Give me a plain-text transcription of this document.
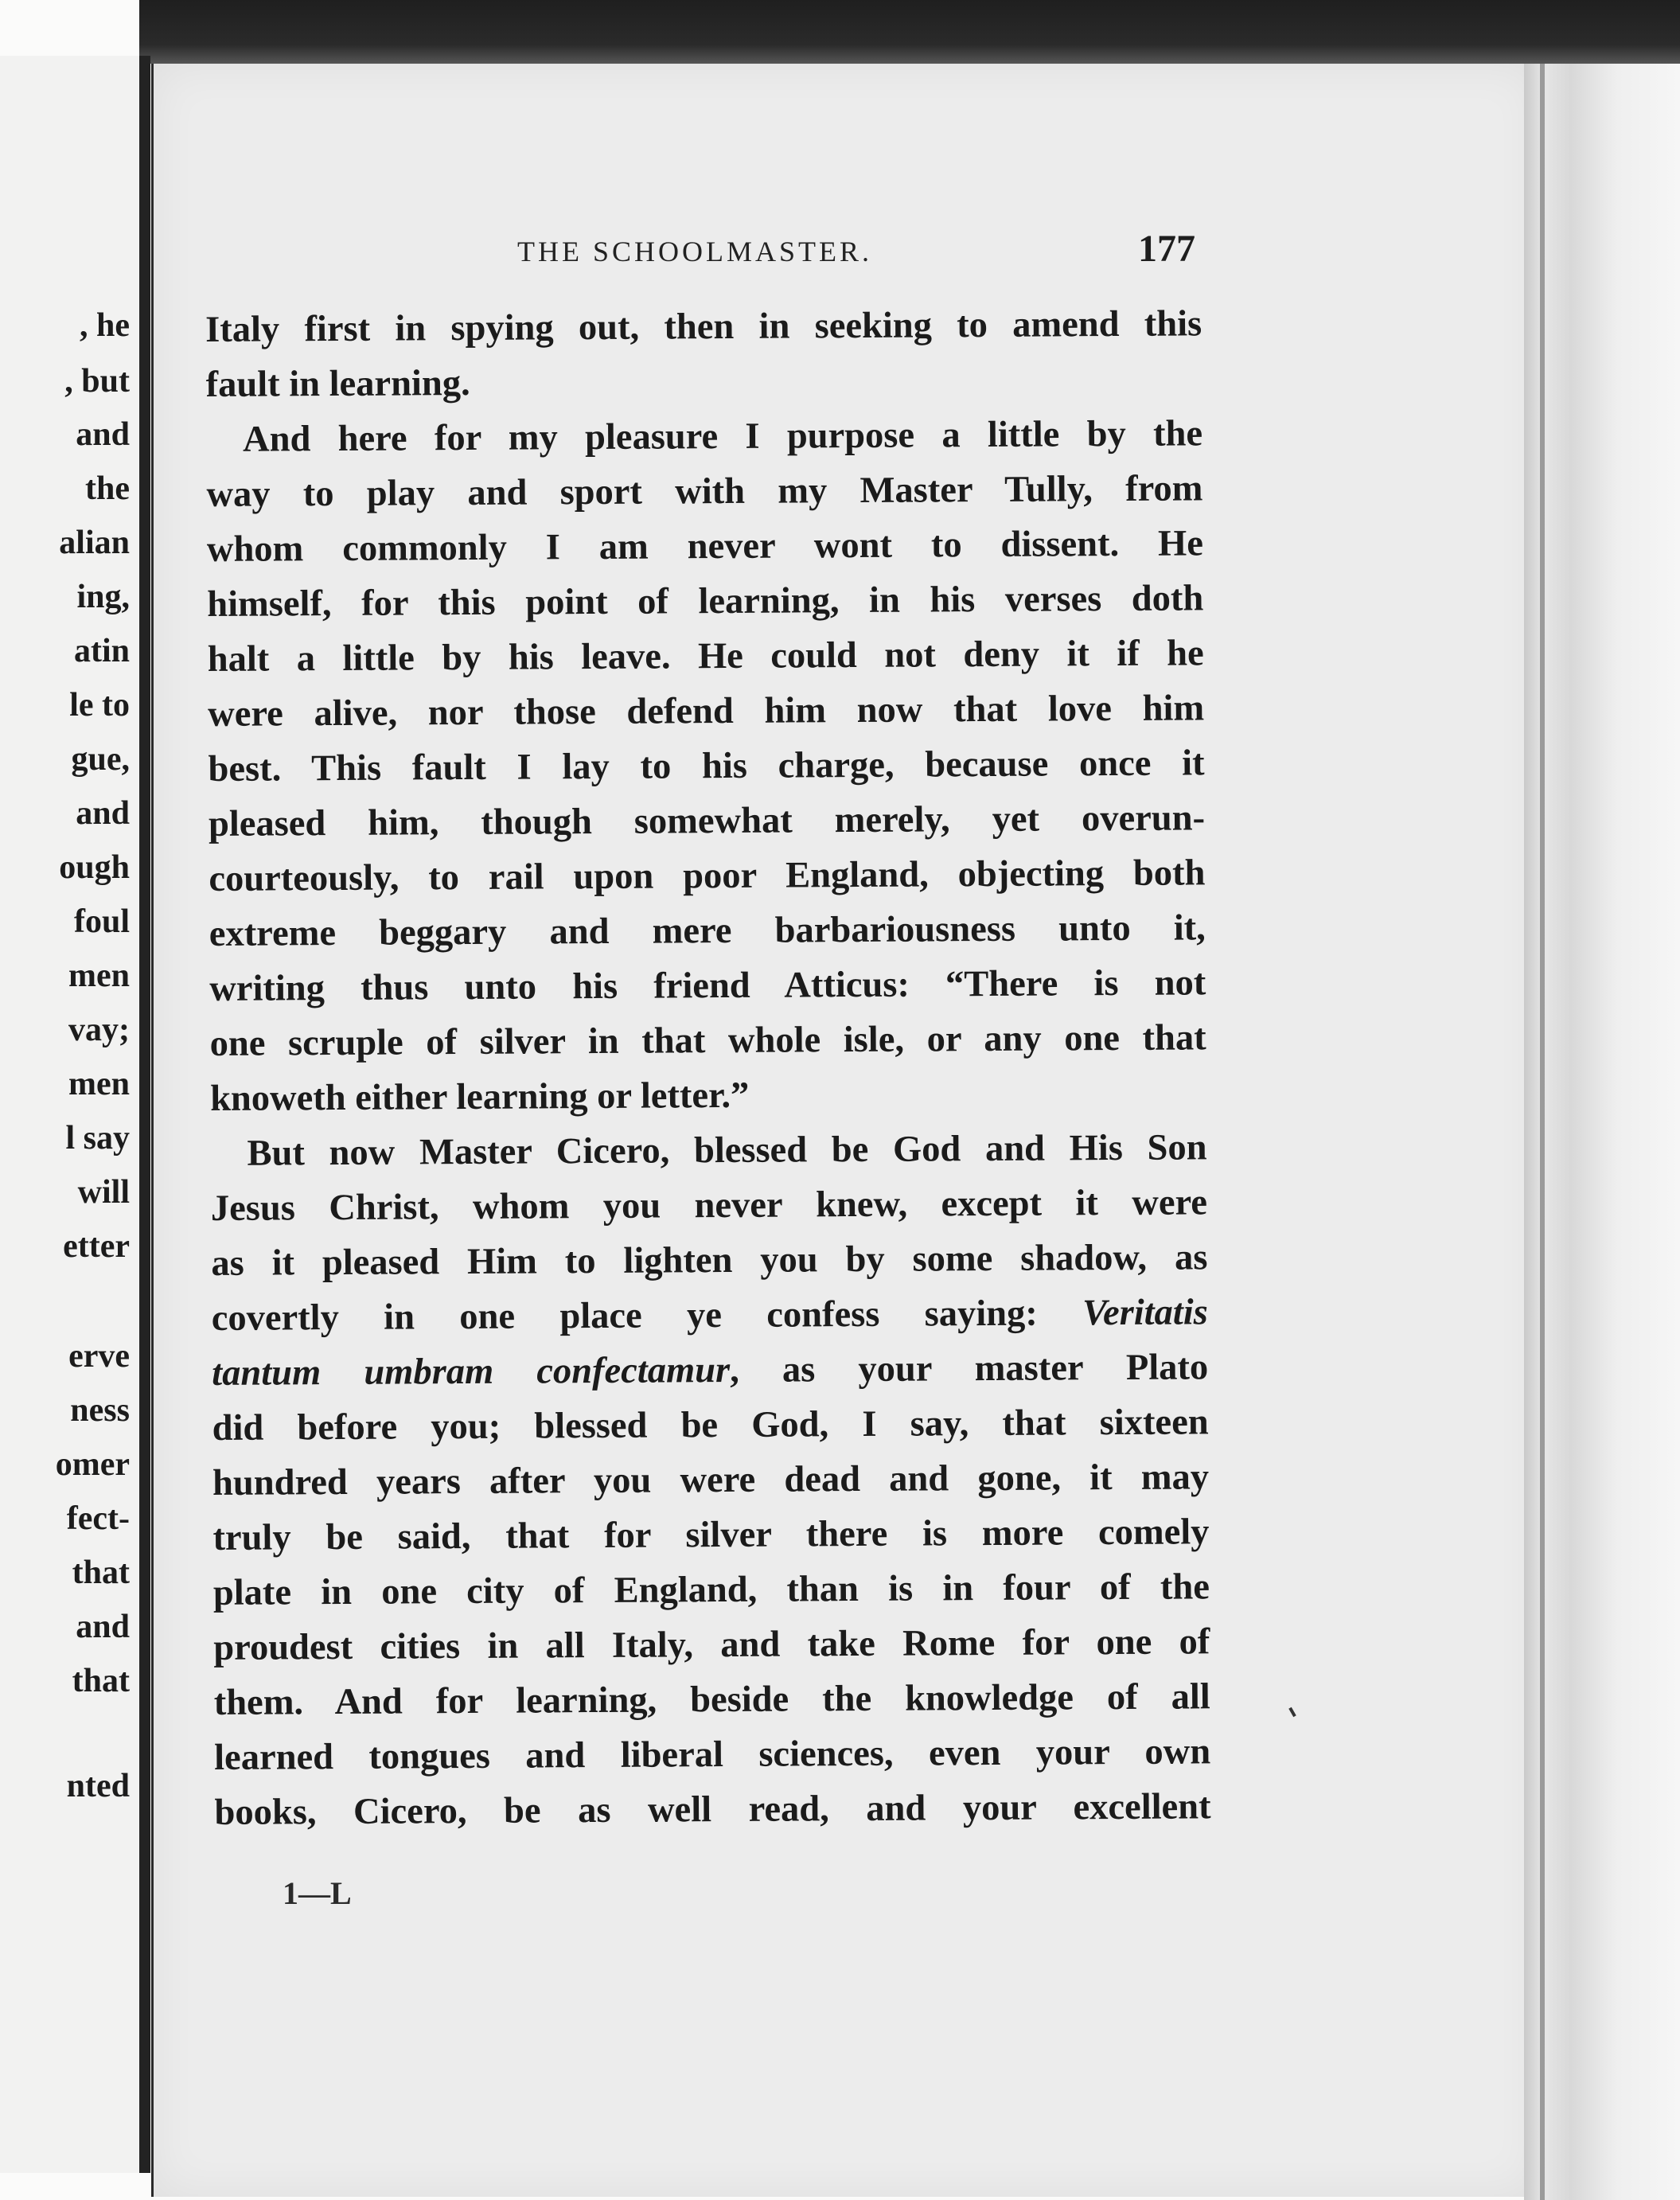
, he
, but
and
the
alian
ing,
atin
le to
gue,
and
ough
foul
men
vay;
men
l say
will
etter
erve
ness
omer
fect-
that
and
that
nted
THE SCHOOLMASTER.	177

Italy first in spying out, then in seeking to amend this
fault in learning.

And here for my pleasure I purpose a little by the
way to play and sport with my Master Tully, from
whom commonly I am never wont to dissent. He
himself, for this point of learning, in his verses doth
halt a little by his leave. He could not deny it if he
were alive, nor those defend him now that love him
best. This fault I lay to his charge, because once it
pleased him, though somewhat merely, yet overun-
courteously, to rail upon poor England, objecting both
extreme beggary and mere barbariousness unto it,
writing thus unto his friend Atticus: “There is not
one scruple of silver in that whole isle, or any one that
knoweth either learning or letter.”

But now Master Cicero, blessed be God and His Son
Jesus Christ, whom you never knew, except it were
as it pleased Him to lighten you by some shadow, as
covertly in one place ye confess saying: Veritatis
tantum umbram confectamur, as your master Plato
did before you; blessed be God, I say, that sixteen
hundred years after you were dead and gone, it may
truly be said, that for silver there is more comely
plate in one city of England, than is in four of the
proudest cities in all Italy, and take Rome for one of
them. And for learning, beside the knowledge of all
learned tongues and liberal sciences, even your own
books, Cicero, be as well read, and your excellent

1—L
